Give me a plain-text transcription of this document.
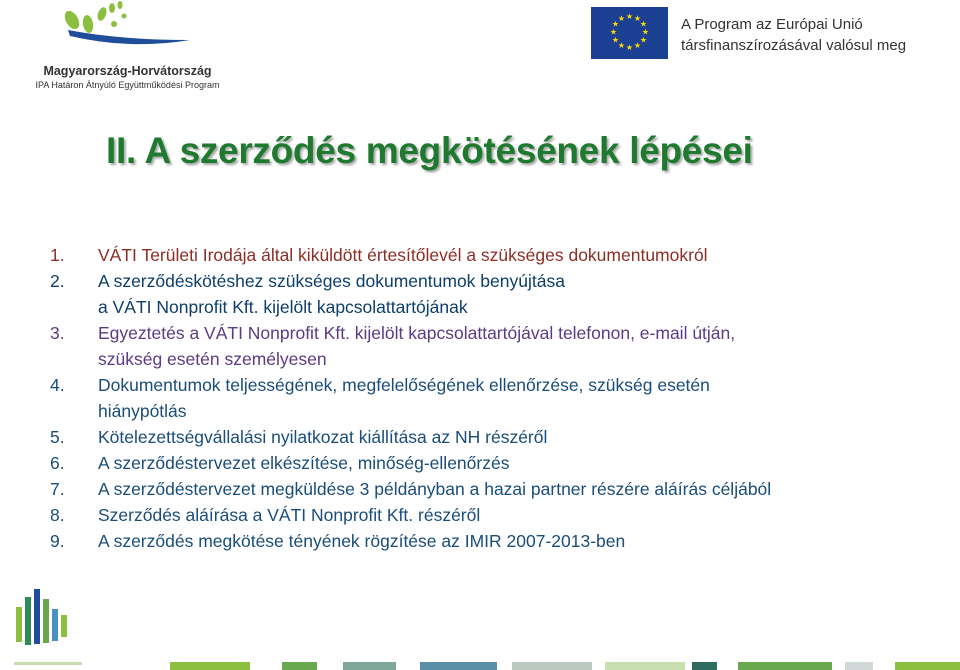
Magyarország-Horvátország
IPA Határon Átnyúló Együttműködési Program
★ ★
★
★
★
★
★
★
★
★
★
★	A Program az Európai Unió
társfinanszírozásával valósul meg
II. A szerződés megkötésének lépései
1.	VÁTI Területi Irodája által kiküldött értesítőlevél a szükséges dokumentumokról
2.	A szerződéskötéshez szükséges dokumentumok benyújtása
a VÁTI Nonprofit Kft. kijelölt kapcsolattartójának
3.	Egyeztetés a VÁTI Nonprofit Kft. kijelölt kapcsolattartójával telefonon, e-mail útján,
szükség esetén személyesen
4.	Dokumentumok teljességének, megfelelőségének ellenőrzése, szükség esetén
hiánypótlás
5.	Kötelezettségvállalási nyilatkozat kiállítása az NH részéről
6.	A szerződéstervezet elkészítése, minőség-ellenőrzés
7.	A szerződéstervezet megküldése 3 példányban a hazai partner részére aláírás céljából
8.	Szerződés aláírása a VÁTI Nonprofit Kft. részéről
9.	A szerződés megkötése tényének rögzítése az IMIR 2007-2013-ben
